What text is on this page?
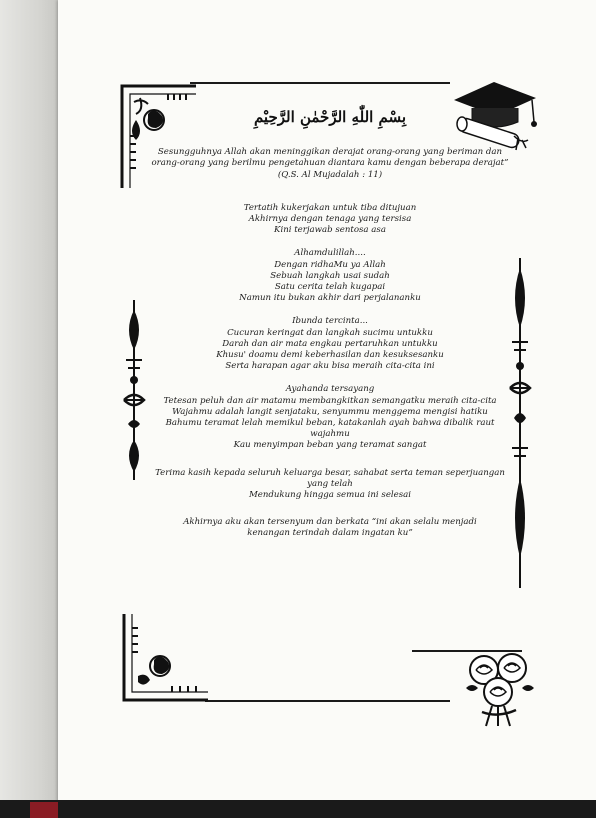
بِسْمِ اللّٰهِ الرَّحْمٰنِ الرَّحِيْمِ

Sesungguhnya Allah akan meninggikan derajat orang-orang yang beriman dan

orang-orang yang berilmu pengetahuan diantara kamu dengan beberapa derajat”

(Q.S. Al Mujadalah : 11)

Tertatih kukerjakan untuk tiba ditujuan

Akhirnya dengan tenaga yang tersisa

Kini terjawab sentosa asa

Alhamdulillah....

Dengan ridhaMu ya Allah

Sebuah langkah usai sudah

Satu cerita telah kugapai

Namun itu bukan akhir dari perjalananku

Ibunda tercinta...

Cucuran keringat dan langkah sucimu untukku

Darah dan air mata engkau pertaruhkan untukku

Khusu' doamu demi keberhasilan dan kesuksesanku

Serta harapan agar aku bisa meraih cita-cita ini

Ayahanda tersayang

Tetesan peluh dan air matamu membangkitkan semangatku meraih cita-cita

Wajahmu adalah langit senjataku, senyummu menggema mengisi hatiku

Bahumu teramat lelah memikul beban, katakanlah ayah bahwa dibalik raut wajahmu

Kau menyimpan beban yang teramat sangat

Terima kasih kepada seluruh keluarga besar, sahabat serta teman seperjuangan yang telah

Mendukung hingga semua ini selesai

Akhirnya aku akan tersenyum dan berkata “ini akan selalu menjadi

kenangan terindah dalam ingatan ku”
